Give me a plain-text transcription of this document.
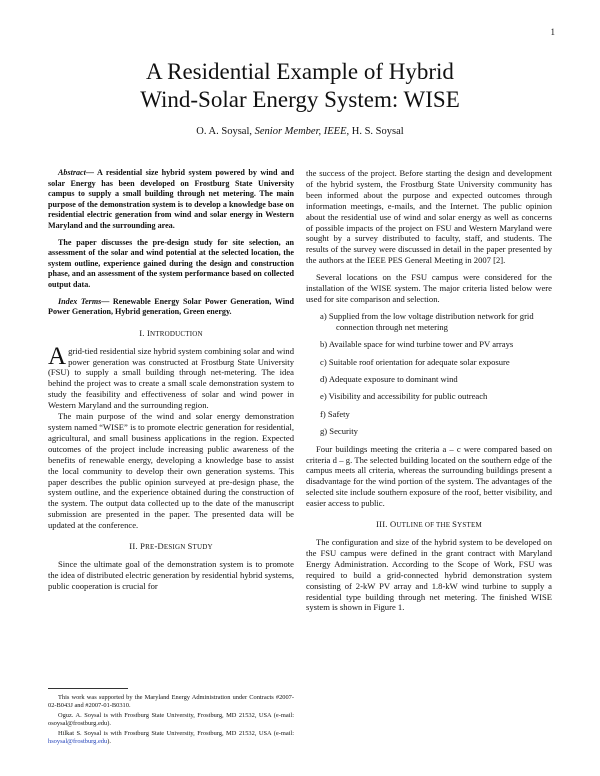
1
A Residential Example of Hybrid
Wind-Solar Energy System: WISE
O. A. Soysal, Senior Member, IEEE, H. S. Soysal

Abstract— A residential size hybrid system powered by wind and solar Energy has been developed on Frostburg State University campus to supply a small building through net metering. The main purpose of the demonstration system is to develop a knowledge base on residential electric generation from wind and solar energy in Western Maryland and the surrounding area.

The paper discusses the pre-design study for site selection, an assessment of the solar and wind potential at the selected location, the system outline, experience gained during the design and construction phase, and an assessment of the system performance based on collected output data.

Index Terms— Renewable Energy Solar Power Generation, Wind Power Generation, Hybrid generation, Green energy.

I. INTRODUCTION

Agrid-tied residential size hybrid system combining solar and wind power generation was constructed at Frostburg State University (FSU) to supply a small building through net-metering. The idea behind the project was to create a small scale demonstration system to study the feasibility and effectiveness of solar and wind power in Western Maryland and the surrounding region.

The main purpose of the wind and solar energy demonstration system named “WISE” is to promote electric generation for residential, agricultural, and small business applications in the region. Expected outcomes of the project include increasing public awareness of the benefits of renewable energy, developing a knowledge base to assist the local community to develop their own generation systems. This paper describes the public opinion surveyed at pre-design phase, the system outline, and the experience obtained during the construction of the system. The output data collected up to the date of the manuscript submission are presented in the paper. The presented data will be updated at the conference.

II. PRE-DESIGN STUDY

Since the ultimate goal of the demonstration system is to promote the idea of distributed electric generation by residential hybrid systems, public cooperation is crucial for

the success of the project. Before starting the design and development of the hybrid system, the Frostburg State University community has been informed about the purpose and expected outcomes through information meetings, e-mails, and the Internet. The public opinion about the residential use of wind and solar energy as well as concerns of possible impacts of the project on FSU and Western Maryland were sought by a survey distributed to faculty, staff, and students. The results of the survey were discussed in detail in the paper presented by the authors at the IEEE PES General Meeting in 2007 [2].

Several locations on the FSU campus were considered for the installation of the WISE system. The major criteria listed below were used for site comparison and selection.

a) Supplied from the low voltage distribution network for grid connection through net metering
b) Available space for wind turbine tower and PV arrays
c) Suitable roof orientation for adequate solar exposure
d) Adequate exposure to dominant wind
e) Visibility and accessibility for public outreach
f) Safety
g) Security

Four buildings meeting the criteria a – c were compared based on criteria d – g. The selected building located on the southern edge of the campus meets all criteria, whereas the surrounding buildings present a disadvantage for the wind portion of the system. The advantages of the selected site include southern exposure of the roof, better visibility, and easier access to public.

III. OUTLINE OF THE SYSTEM

The configuration and size of the hybrid system to be developed on the FSU campus were defined in the grant contract with Maryland Energy Administration. According to the Scope of Work, FSU was required to build a grid-connected hybrid demonstration system consisting of 2-kW PV array and 1.8-kW wind turbine to supply a residential type building through net metering. The finished WISE system is shown in Figure 1.

This work was supported by the Maryland Energy Administration under Contracts #2007-02-B043J and #2007-01-B0310.

Oguz. A. Soysal is with Frostburg State University, Frostburg, MD 21532, USA (e-mail: osoysal@frostburg.edu).

Hilkat S. Soysal is with Frostburg State University, Frostburg, MD 21532, USA (e-mail: hsoysal@frostburg.edu).
